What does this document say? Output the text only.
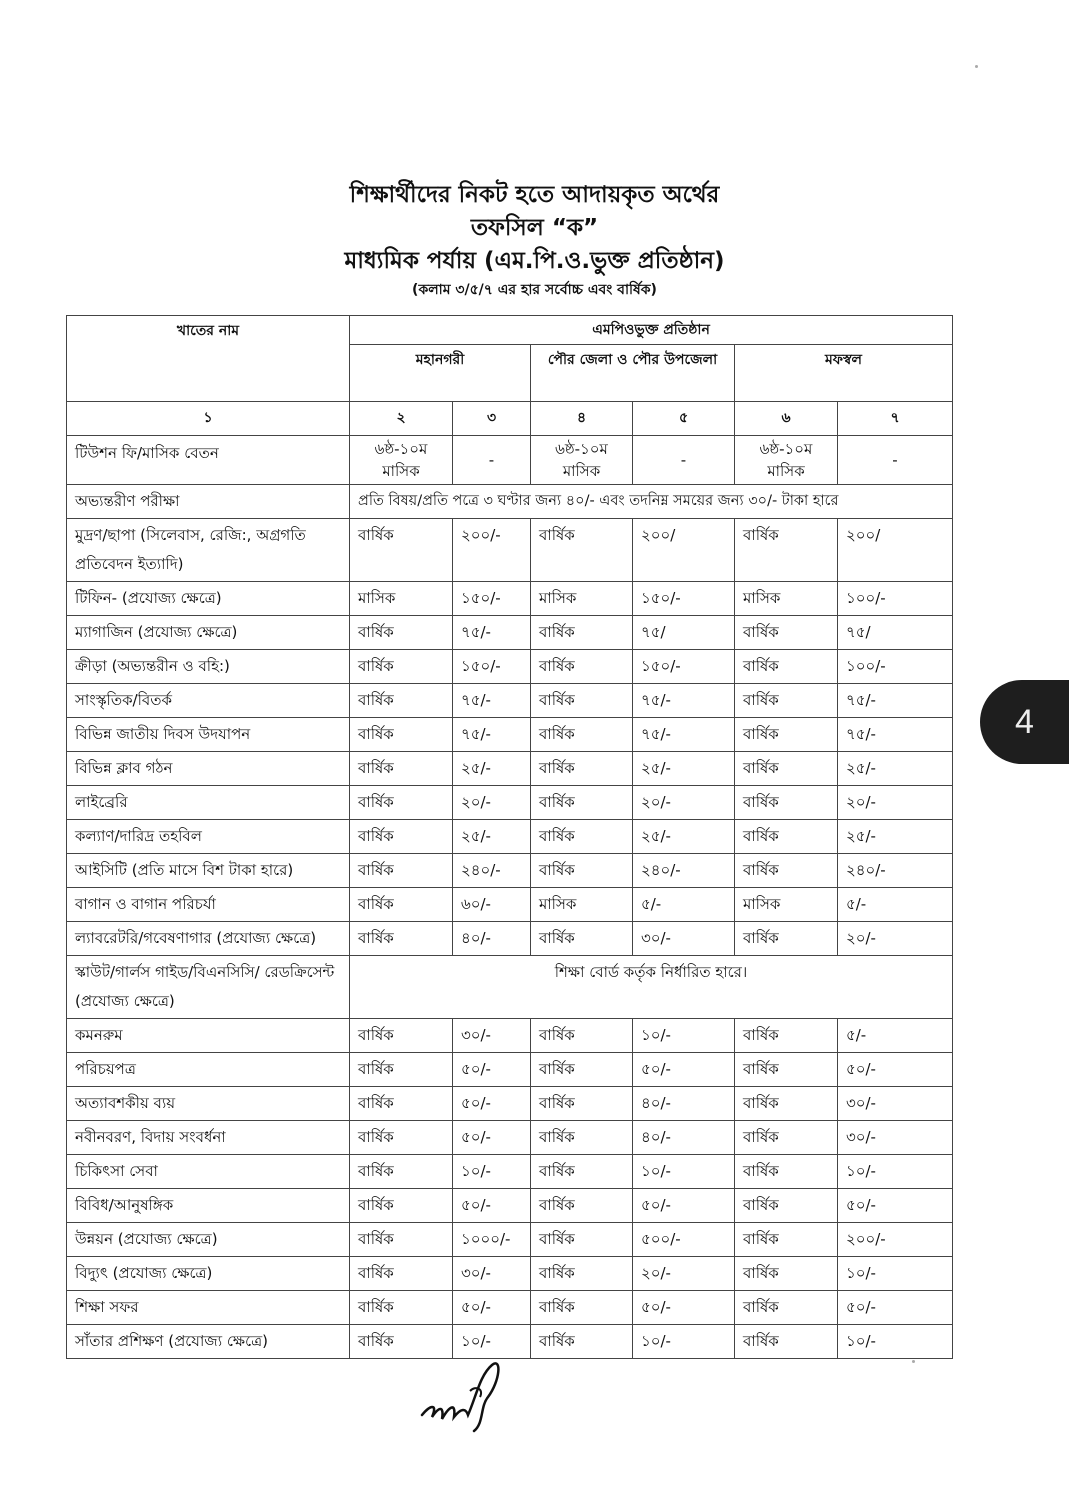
শিক্ষার্থীদের নিকট হতে আদায়কৃত অর্থের

তফসিল “ক”

মাধ্যমিক পর্যায় (এম.পি.ও.ভুক্ত প্রতিষ্ঠান)

(কলাম ৩/৫/৭ এর হার সর্বোচ্চ এবং বার্ষিক)

খাতের নাম	এমপিওভুক্ত প্রতিষ্ঠান					
	মহানগরী		পৌর জেলা ও পৌর উপজেলা		মফস্বল	
১	২	৩	৪	৫	৬	৭
টিউশন ফি/মাসিক বেতন	৬ষ্ঠ-১০ম মাসিক	-	৬ষ্ঠ-১০ম মাসিক	-	৬ষ্ঠ-১০ম মাসিক	-
অভ্যন্তরীণ পরীক্ষা	প্রতি বিষয়/প্রতি পত্রে ৩ ঘণ্টার জন্য ৪০/- এবং তদনিম্ন সময়ের জন্য ৩০/- টাকা হারে					
মুদ্রণ/ছাপা (সিলেবাস, রেজি:, অগ্রগতি প্রতিবেদন ইত্যাদি)	বার্ষিক	২০০/-	বার্ষিক	২০০/	বার্ষিক	২০০/
টিফিন- (প্রযোজ্য ক্ষেত্রে)	মাসিক	১৫০/-	মাসিক	১৫০/-	মাসিক	১০০/-
ম্যাগাজিন (প্রযোজ্য ক্ষেত্রে)	বার্ষিক	৭৫/-	বার্ষিক	৭৫/	বার্ষিক	৭৫/
ক্রীড়া (অভ্যন্তরীন ও বহি:)	বার্ষিক	১৫০/-	বার্ষিক	১৫০/-	বার্ষিক	১০০/-
সাংস্কৃতিক/বিতর্ক	বার্ষিক	৭৫/-	বার্ষিক	৭৫/-	বার্ষিক	৭৫/-
বিভিন্ন জাতীয় দিবস উদযাপন	বার্ষিক	৭৫/-	বার্ষিক	৭৫/-	বার্ষিক	৭৫/-
বিভিন্ন ক্লাব গঠন	বার্ষিক	২৫/-	বার্ষিক	২৫/-	বার্ষিক	২৫/-
লাইব্রেরি	বার্ষিক	২০/-	বার্ষিক	২০/-	বার্ষিক	২০/-
কল্যাণ/দারিদ্র তহবিল	বার্ষিক	২৫/-	বার্ষিক	২৫/-	বার্ষিক	২৫/-
আইসিটি (প্রতি মাসে বিশ টাকা হারে)	বার্ষিক	২৪০/-	বার্ষিক	২৪০/-	বার্ষিক	২৪০/-
বাগান ও বাগান পরিচর্যা	বার্ষিক	৬০/-	মাসিক	৫/-	মাসিক	৫/-
ল্যাবরেটরি/গবেষণাগার (প্রযোজ্য ক্ষেত্রে)	বার্ষিক	৪০/-	বার্ষিক	৩০/-	বার্ষিক	২০/-
স্কাউট/গার্লস গাইড/বিএনসিসি/ রেডক্রিসেন্ট (প্রযোজ্য ক্ষেত্রে)	শিক্ষা বোর্ড কর্তৃক নির্ধারিত হারে।					
কমনরুম	বার্ষিক	৩০/-	বার্ষিক	১০/-	বার্ষিক	৫/-
পরিচয়পত্র	বার্ষিক	৫০/-	বার্ষিক	৫০/-	বার্ষিক	৫০/-
অত্যাবশকীয় ব্যয়	বার্ষিক	৫০/-	বার্ষিক	৪০/-	বার্ষিক	৩০/-
নবীনবরণ, বিদায় সংবর্ধনা	বার্ষিক	৫০/-	বার্ষিক	৪০/-	বার্ষিক	৩০/-
চিকিৎসা সেবা	বার্ষিক	১০/-	বার্ষিক	১০/-	বার্ষিক	১০/-
বিবিধ/আনুষঙ্গিক	বার্ষিক	৫০/-	বার্ষিক	৫০/-	বার্ষিক	৫০/-
উন্নয়ন (প্রযোজ্য ক্ষেত্রে)	বার্ষিক	১০০০/-	বার্ষিক	৫০০/-	বার্ষিক	২০০/-
বিদ্যুৎ (প্রযোজ্য ক্ষেত্রে)	বার্ষিক	৩০/-	বার্ষিক	২০/-	বার্ষিক	১০/-
শিক্ষা সফর	বার্ষিক	৫০/-	বার্ষিক	৫০/-	বার্ষিক	৫০/-
সাঁতার প্রশিক্ষণ (প্রযোজ্য ক্ষেত্রে)	বার্ষিক	১০/-	বার্ষিক	১০/-	বার্ষিক	১০/-
4
